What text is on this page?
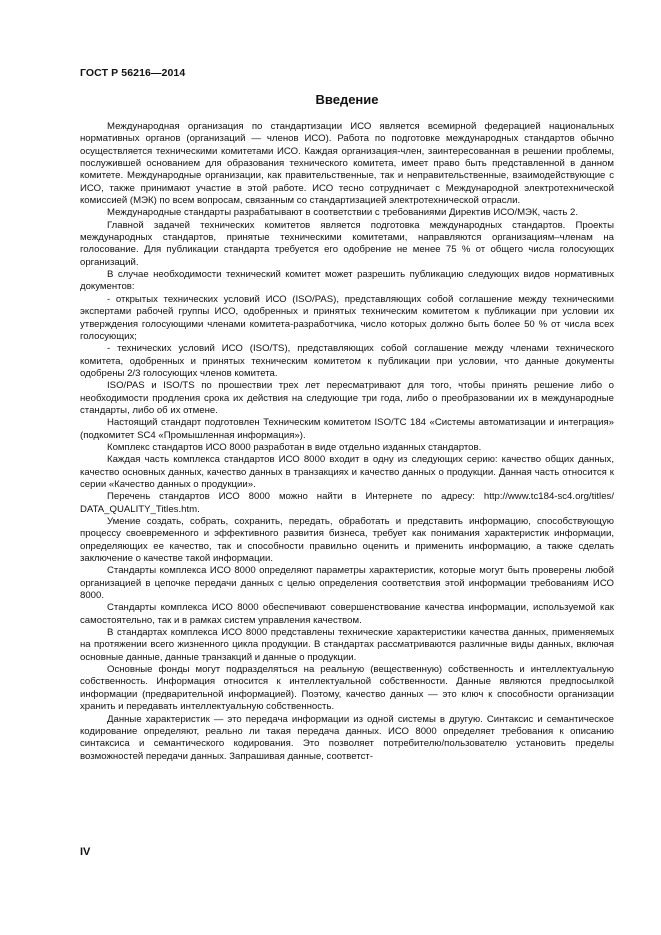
ГОСТ Р 56216—2014
Введение

Международная организация по стандартизации ИСО является всемирной федерацией национальных нормативных органов (организаций — членов ИСО). Работа по подготовке международных стандартов обычно осуществляется техническими комитетами ИСО. Каждая организация-член, заинтересованная в решении проблемы, послужившей основанием для образования технического комитета, имеет право быть представленной в данном комитете. Международные организации, как правительственные, так и неправительственные, взаимодействующие с ИСО, также принимают участие в этой работе. ИСО тесно сотрудничает с Международной электротехнической комиссией (МЭК) по всем вопросам, связанным со стандартизацией электротехнической отрасли.

Международные стандарты разрабатывают в соответствии с требованиями Директив ИСО/МЭК, часть 2.

Главной задачей технических комитетов является подготовка международных стандартов. Проекты международных стандартов, принятые техническими комитетами, направляются организациям–членам на голосование. Для публикации стандарта требуется его одобрение не менее 75 % от общего числа голосующих организаций.

В случае необходимости технический комитет может разрешить публикацию следующих видов нормативных документов:

- открытых технических условий ИСО (ISO/PAS), представляющих собой соглашение между техническими экспертами рабочей группы ИСО, одобренных и принятых техническим комитетом к публикации при условии их утверждения голосующими членами комитета-разработчика, число которых должно быть более 50 % от числа всех голосующих;

- технических условий ИСО (ISO/TS), представляющих собой соглашение между членами технического комитета, одобренных и принятых техническим комитетом к публикации при условии, что данные документы одобрены 2/3 голосующих членов комитета.

ISO/PAS и ISO/TS по прошествии трех лет пересматривают для того, чтобы принять решение либо о необходимости продления срока их действия на следующие три года, либо о преобразовании их в международные стандарты, либо об их отмене.

Настоящий стандарт подготовлен Техническим комитетом ISO/TC 184 «Системы автоматизации и интеграция» (подкомитет SC4 «Промышленная информация»).

Комплекс стандартов ИСО 8000 разработан в виде отдельно изданных стандартов.

Каждая часть комплекса стандартов ИСО 8000 входит в одну из следующих серию: качество общих данных, качество основных данных, качество данных в транзакциях и качество данных о продукции. Данная часть относится к серии «Качество данных о продукции».

Перечень стандартов ИСО 8000 можно найти в Интернете по адресу: http://www.tc184-sc4.org/titles/ DATA_QUALITY_Titles.htm.

Умение создать, собрать, сохранить, передать, обработать и представить информацию, способствующую процессу своевременного и эффективного развития бизнеса, требует как понимания характеристик информации, определяющих ее качество, так и способности правильно оценить и применить информацию, а также сделать заключение о качестве такой информации.

Стандарты комплекса ИСО 8000 определяют параметры характеристик, которые могут быть проверены любой организацией в цепочке передачи данных с целью определения соответствия этой информации требованиям ИСО 8000.

Стандарты комплекса ИСО 8000 обеспечивают совершенствование качества информации, используемой как самостоятельно, так и в рамках систем управления качеством.

В стандартах комплекса ИСО 8000 представлены технические характеристики качества данных, применяемых на протяжении всего жизненного цикла продукции. В стандартах рассматриваются различные виды данных, включая основные данные, данные транзакций и данные о продукции.

Основные фонды могут подразделяться на реальную (вещественную) собственность и интеллектуальную собственность. Информация относится к интеллектуальной собственности. Данные являются предпосылкой информации (предварительной информацией). Поэтому, качество данных — это ключ к способности организации хранить и передавать интеллектуальную собственность.

Данные характеристик — это передача информации из одной системы в другую. Синтаксис и семантическое кодирование определяют, реально ли такая передача данных. ИСО 8000 определяет требования к описанию синтаксиса и семантического кодирования. Это позволяет потребителю/пользователю установить пределы возможностей передачи данных. Запрашивая данные, соответст-

IV
